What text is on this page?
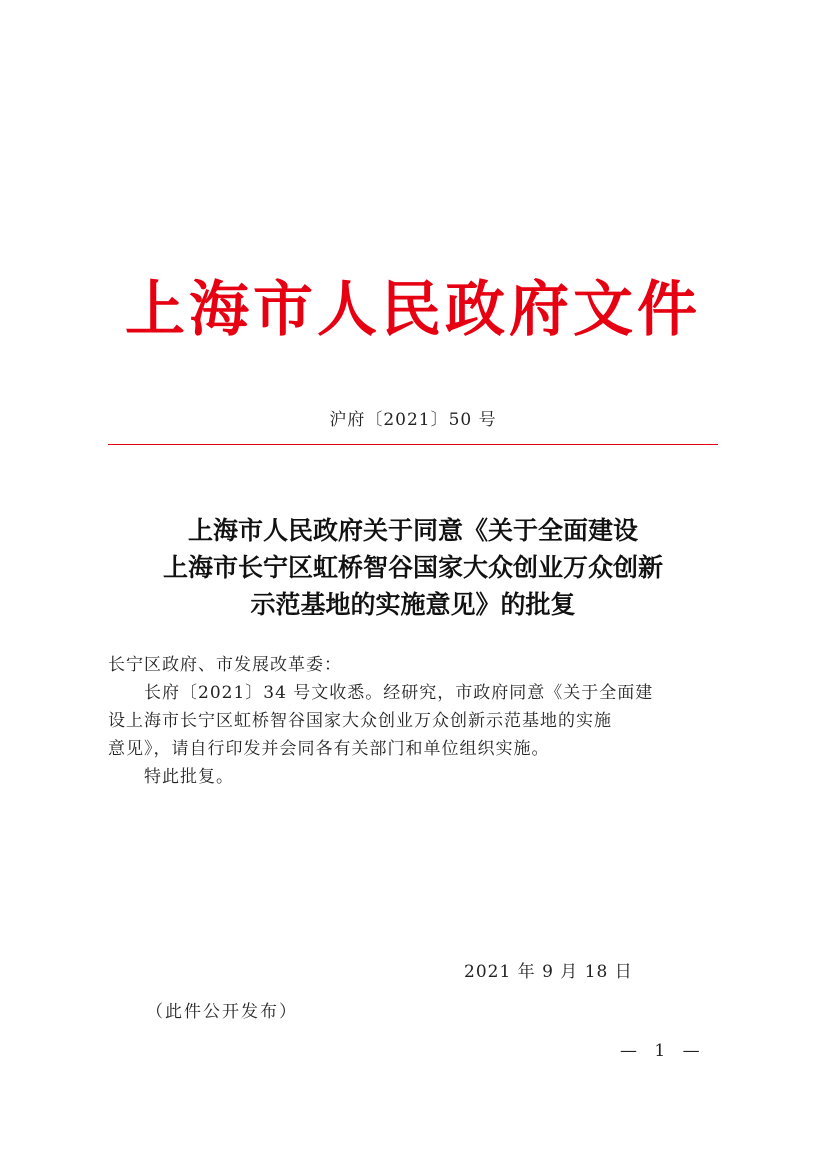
上海市人民政府文件
沪府〔2021〕50 号
上海市人民政府关于同意《关于全面建设
上海市长宁区虹桥智谷国家大众创业万众创新
示范基地的实施意见》的批复
长宁区政府、市发展改革委：
　　长府〔2021〕34 号文收悉。经研究，市政府同意《关于全面建
设上海市长宁区虹桥智谷国家大众创业万众创新示范基地的实施
意见》，请自行印发并会同各有关部门和单位组织实施。
　　特此批复。
2021 年 9 月 18 日
（此件公开发布）
— 1 —
